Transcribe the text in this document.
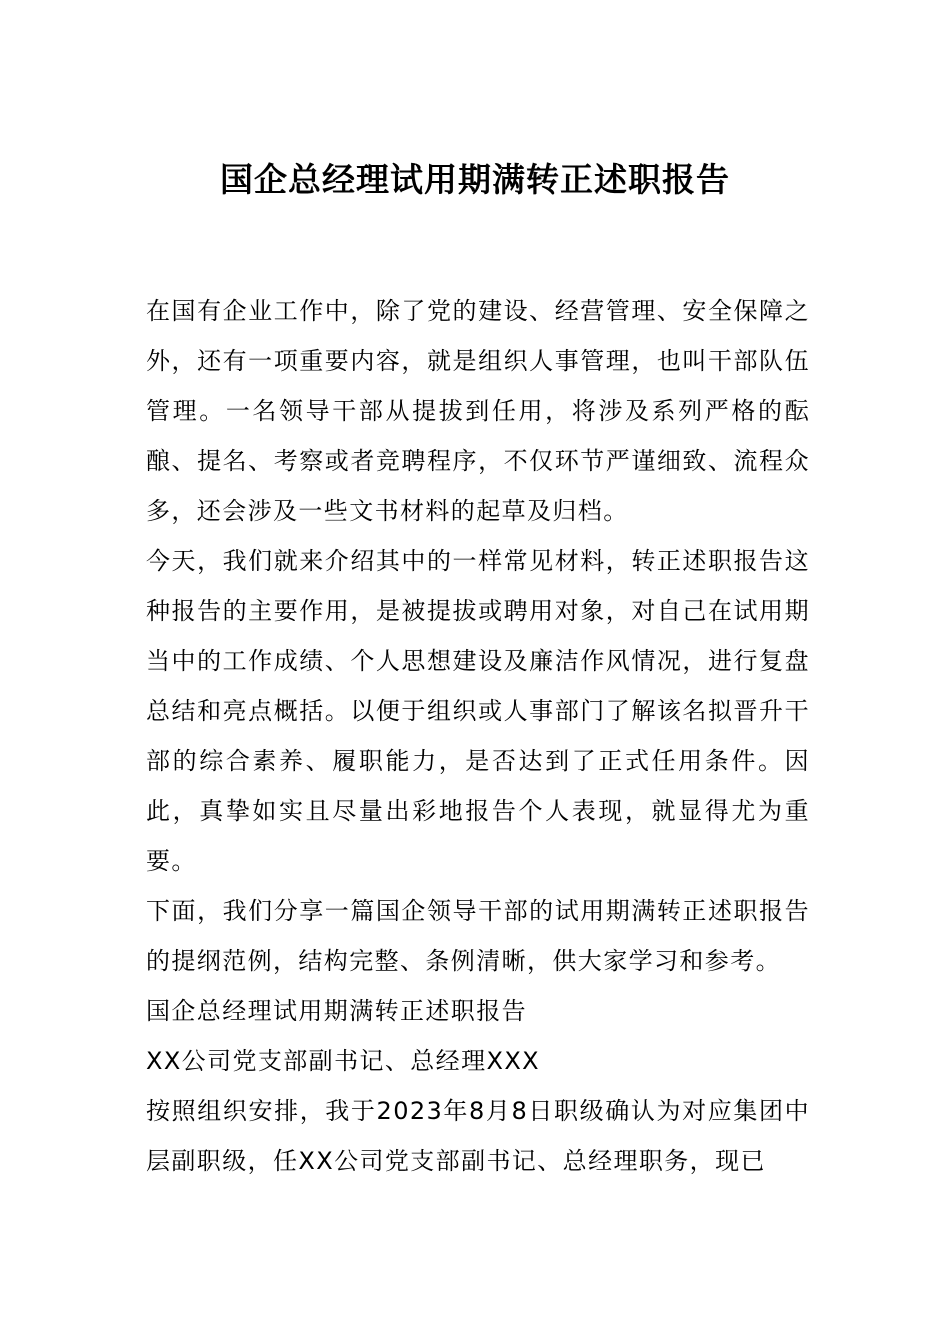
国企总经理试用期满转正述职报告

在国有企业工作中，除了党的建设、经营管理、安全保障之外，还有一项重要内容，就是组织人事管理，也叫干部队伍管理。一名领导干部从提拔到任用，将涉及系列严格的酝酿、提名、考察或者竞聘程序，不仅环节严谨细致、流程众多，还会涉及一些文书材料的起草及归档。

今天，我们就来介绍其中的一样常见材料，转正述职报告这种报告的主要作用，是被提拔或聘用对象，对自己在试用期当中的工作成绩、个人思想建设及廉洁作风情况，进行复盘总结和亮点概括。以便于组织或人事部门了解该名拟晋升干部的综合素养、履职能力，是否达到了正式任用条件。因此，真挚如实且尽量出彩地报告个人表现，就显得尤为重要。

下面，我们分享一篇国企领导干部的试用期满转正述职报告的提纲范例，结构完整、条例清晰，供大家学习和参考。

国企总经理试用期满转正述职报告

XX公司党支部副书记、总经理XXX

按照组织安排，我于2023年8月8日职级确认为对应集团中层副职级，任XX公司党支部副书记、总经理职务，现已
